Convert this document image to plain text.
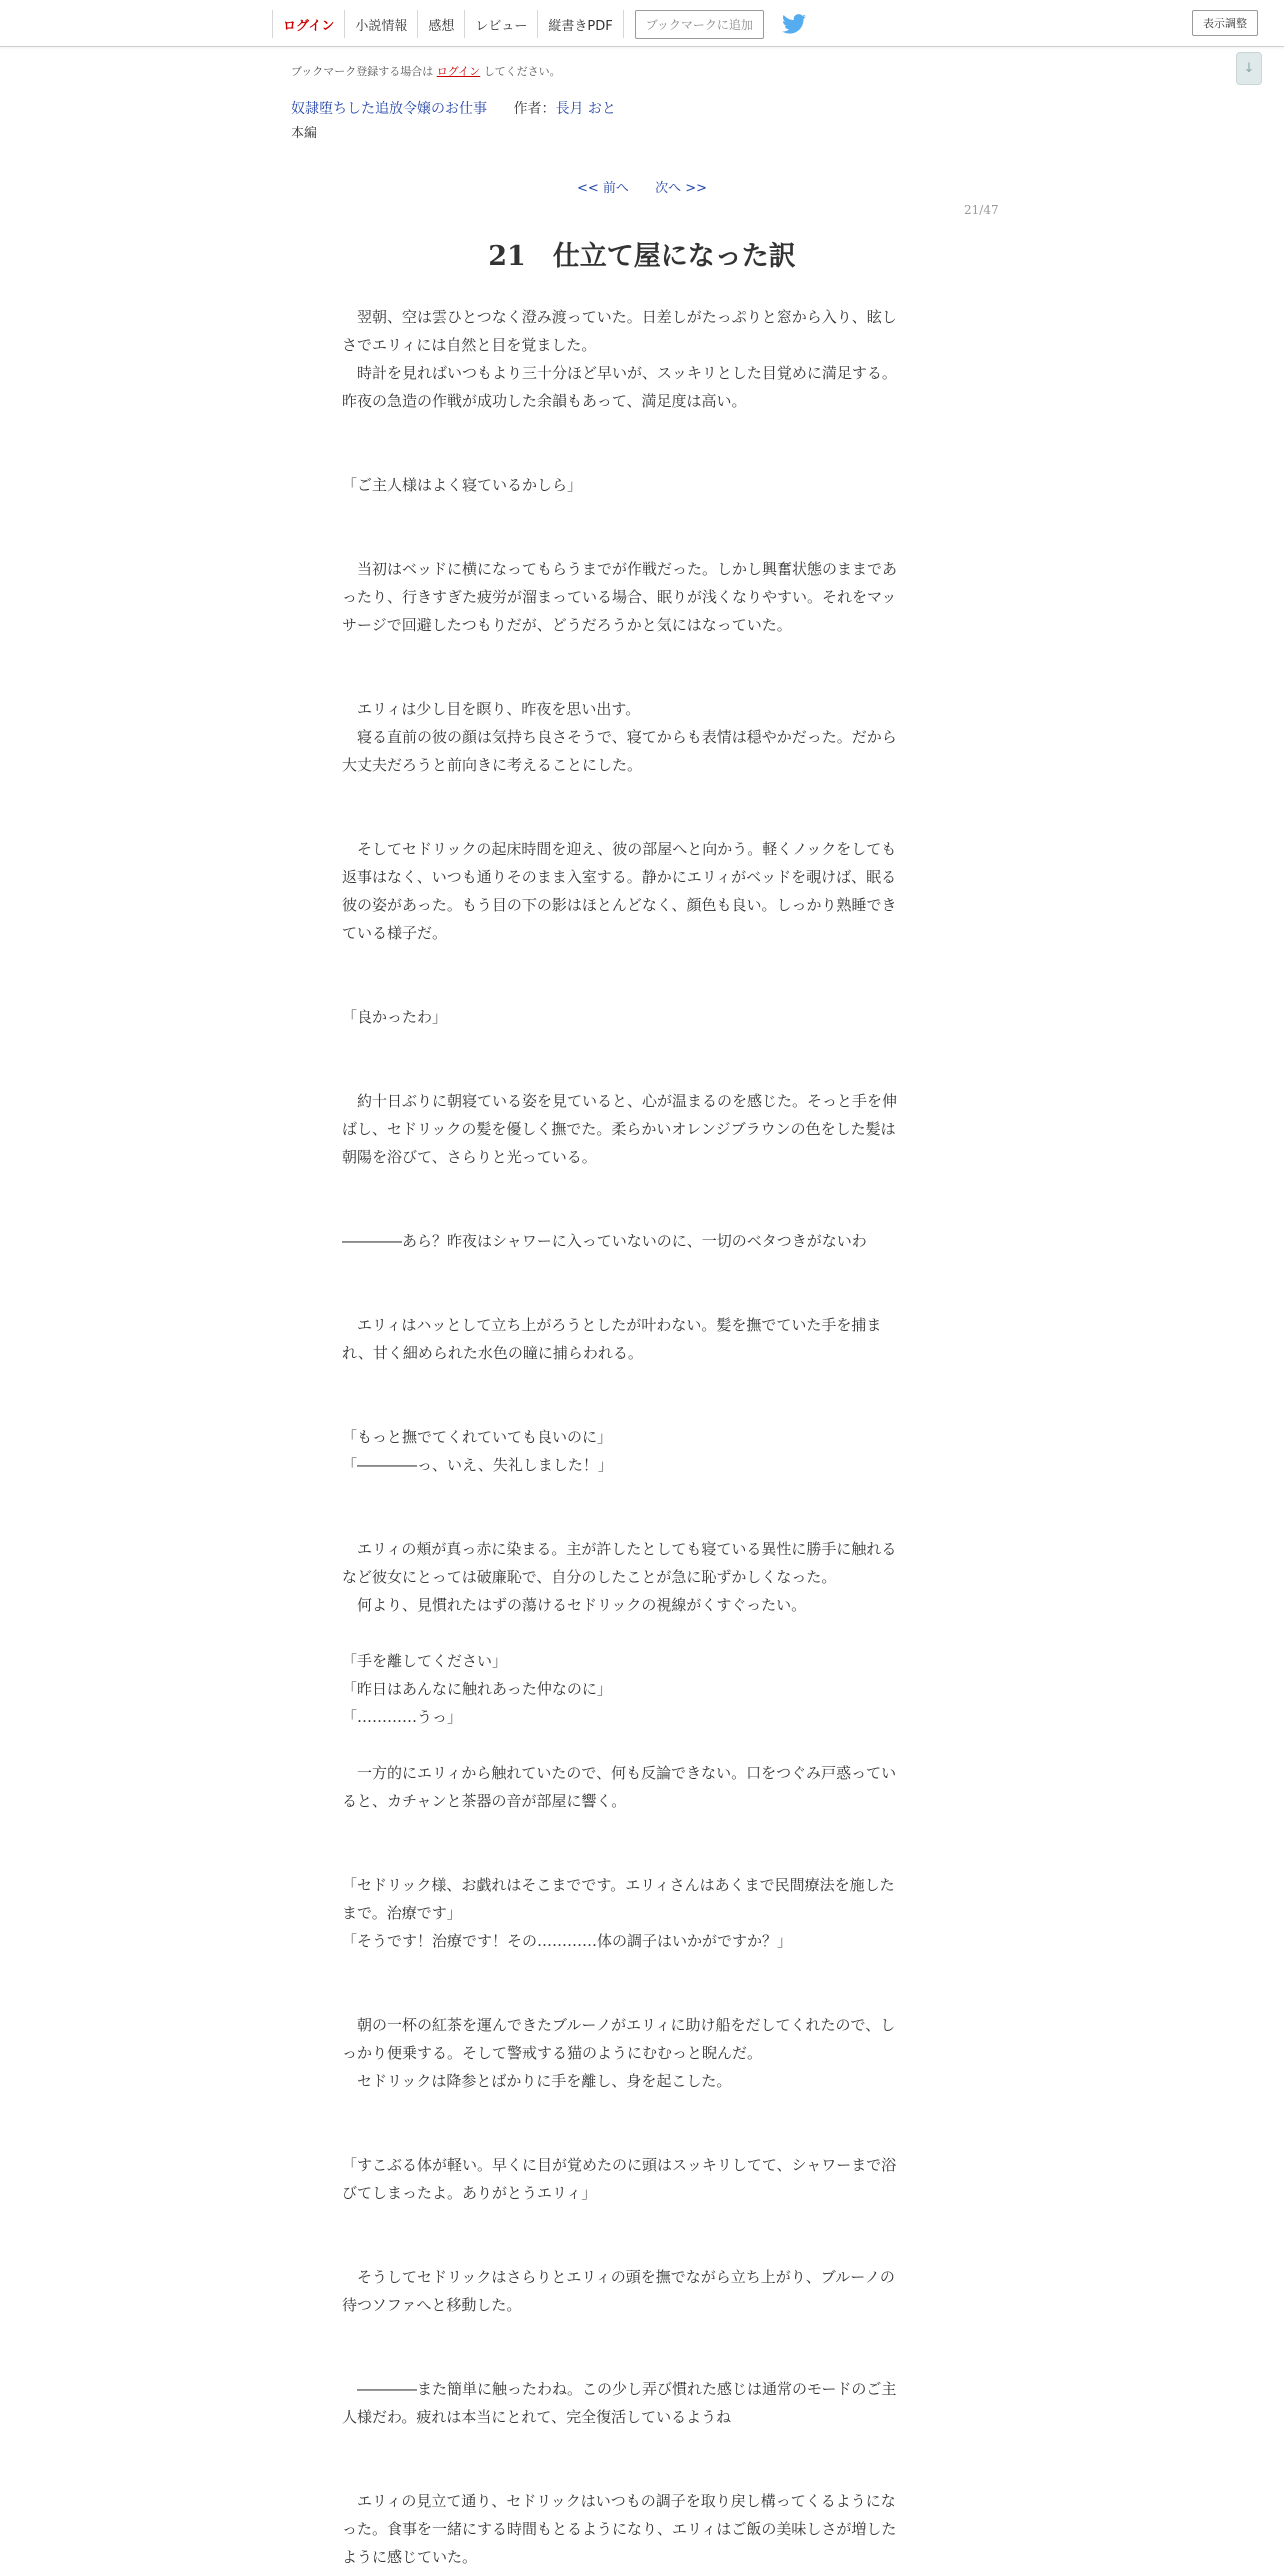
ログイン	小説情報	感想	レビュー	縦書きPDF	ブックマークに追加	表示調整
↓
ブックマーク登録する場合は ログイン してください。
奴隷堕ちした追放令嬢のお仕事 作者：長月 おと
本編
<< 前へ 次へ >>
21/47
21　仕立て屋になった訳

　翌朝、空は雲ひとつなく澄み渡っていた。日差しがたっぷりと窓から入り、眩し

さでエリィには自然と目を覚ました。

　時計を見ればいつもより三十分ほど早いが、スッキリとした目覚めに満足する。

昨夜の急造の作戦が成功した余韻もあって、満足度は高い。

「ご主人様はよく寝ているかしら」

　当初はベッドに横になってもらうまでが作戦だった。しかし興奮状態のままであ

ったり、行きすぎた疲労が溜まっている場合、眠りが浅くなりやすい。それをマッ

サージで回避したつもりだが、どうだろうかと気にはなっていた。

　エリィは少し目を瞑り、昨夜を思い出す。

　寝る直前の彼の顔は気持ち良さそうで、寝てからも表情は穏やかだった。だから

大丈夫だろうと前向きに考えることにした。

　そしてセドリックの起床時間を迎え、彼の部屋へと向かう。軽くノックをしても

返事はなく、いつも通りそのまま入室する。静かにエリィがベッドを覗けば、眠る

彼の姿があった。もう目の下の影はほとんどなく、顔色も良い。しっかり熟睡でき

ている様子だ。

「良かったわ」

　約十日ぶりに朝寝ている姿を見ていると、心が温まるのを感じた。そっと手を伸

ばし、セドリックの髪を優しく撫でた。柔らかいオレンジブラウンの色をした髪は

朝陽を浴びて、さらりと光っている。

――――あら？昨夜はシャワーに入っていないのに、一切のベタつきがないわ

　エリィはハッとして立ち上がろうとしたが叶わない。髪を撫でていた手を捕ま

れ、甘く細められた水色の瞳に捕らわれる。

「もっと撫でてくれていても良いのに」

「――――っ、いえ、失礼しました！」

　エリィの頬が真っ赤に染まる。主が許したとしても寝ている異性に勝手に触れる

など彼女にとっては破廉恥で、自分のしたことが急に恥ずかしくなった。

　何より、見慣れたはずの蕩けるセドリックの視線がくすぐったい。

「手を離してください」

「昨日はあんなに触れあった仲なのに」

「…………うっ」

　一方的にエリィから触れていたので、何も反論できない。口をつぐみ戸惑ってい

ると、カチャンと茶器の音が部屋に響く。

「セドリック様、お戯れはそこまでです。エリィさんはあくまで民間療法を施した

まで。治療です」

「そうです！治療です！その…………体の調子はいかがですか？」

　朝の一杯の紅茶を運んできたブルーノがエリィに助け船をだしてくれたので、し

っかり便乗する。そして警戒する猫のようにむむっと睨んだ。

　セドリックは降参とばかりに手を離し、身を起こした。

「すこぶる体が軽い。早くに目が覚めたのに頭はスッキリしてて、シャワーまで浴

びてしまったよ。ありがとうエリィ」

　そうしてセドリックはさらりとエリィの頭を撫でながら立ち上がり、ブルーノの

待つソファへと移動した。

　――――また簡単に触ったわね。この少し弄び慣れた感じは通常のモードのご主

人様だわ。疲れは本当にとれて、完全復活しているようね

　エリィの見立て通り、セドリックはいつもの調子を取り戻し構ってくるようにな

った。食事を一緒にする時間もとるようになり、エリィはご飯の美味しさが増した

ように感じていた。
